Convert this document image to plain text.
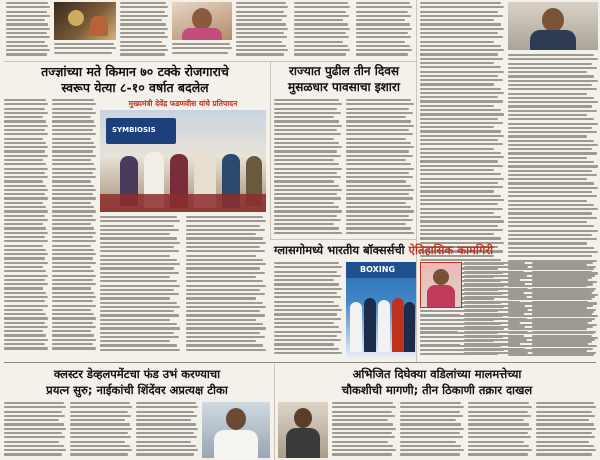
तज्ज्ञांच्या मते किमान ७० टक्के रोजगाराचे
स्वरूप येत्या ८-१० वर्षात बदलेल
मुख्यमंत्री देवेंद्र फडणवीस यांचे प्रतिपादन
SYMBIOSIS
राज्यात पुढील तीन दिवस
मुसळधार पावसाचा इशारा
ग्लासगोमध्ये भारतीय बॉक्सर्सची ऐतिहासिक कामगिरी
BOXING
क्लस्टर डेव्हलपमेंटचा फंड उभं करण्याचा
प्रयत्न सुरु; नाईकांची शिंदेंवर अप्रत्यक्ष टीका
अभिजित दिघेक्या वडिलांच्या मालमत्तेच्या
चौकशीची मागणी; तीन ठिकाणी तक्रार दाखल
